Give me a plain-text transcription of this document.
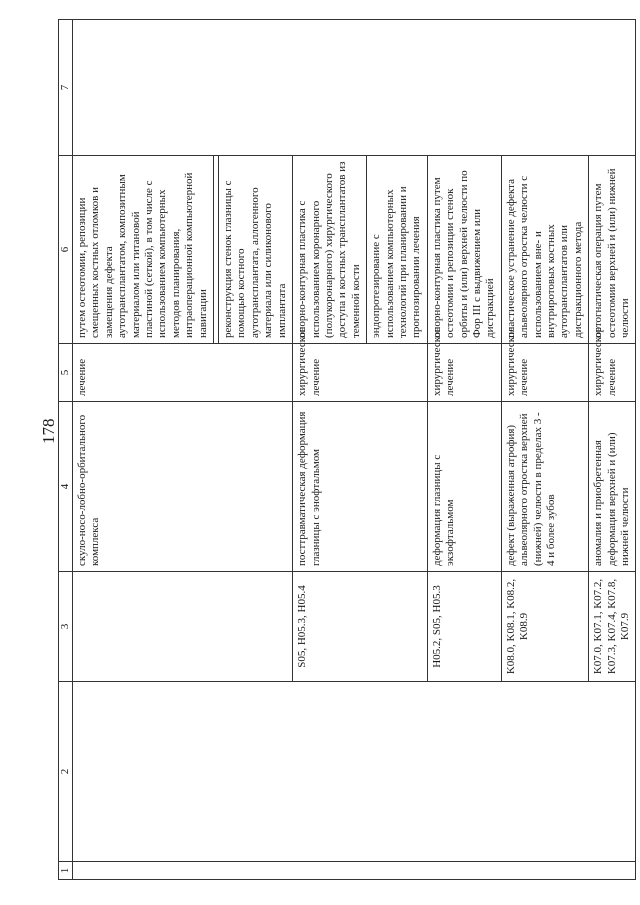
178
1	2	3	4	5	6	7
			скуло-носо-лобно-орбитального комплекса	лечение	путем остеотомии, репозиции смещенных костных отломков и замещения дефекта аутотрансплантатом, композитным материалом или титановой пластиной (сеткой), в том числе с использованием компьютерных методов планирования, интраоперационной компьютерной навигации	

					реконструкция стенок глазницы с помощью костного аутотрансплантата, аллогенного материала или силиконового имплантата	
		S05, H05.3, H05.4	посттравматическая деформация глазницы с энофтальмом	хирургическое лечение	опорно-контурная пластика с использованием коронарного (полукоронарного) хирургического доступа и костных трансплантатов из теменной кости	
					эндопротезирование с использованием компьютерных технологий при планировании и прогнозировании лечения	
		H05.2, S05, H05.3	деформация глазницы с экзофтальмом	хирургическое лечение	опорно-контурная пластика путем остеотомии и репозиции стенок орбиты и (или) верхней челюсти по Фор III с выдвижением или дистракцией	
		K08.0, K08.1, K08.2, K08.9	дефект (выраженная атрофия) альвеолярного отростка верхней (нижней) челюсти в пределах 3 - 4 и более зубов	хирургическое лечение	пластическое устранение дефекта альвеолярного отростка челюсти с использованием вне- и внутриротовых костных аутотрансплантатов или дистракционного метода	
		K07.0, K07.1, K07.2, K07.3, K07.4, K07.8, K07.9	аномалия и приобретенная деформация верхней и (или) нижней челюсти	хирургическое лечение	ортогнатическая операция путем остеотомии верхней и (или) нижней челюсти	
